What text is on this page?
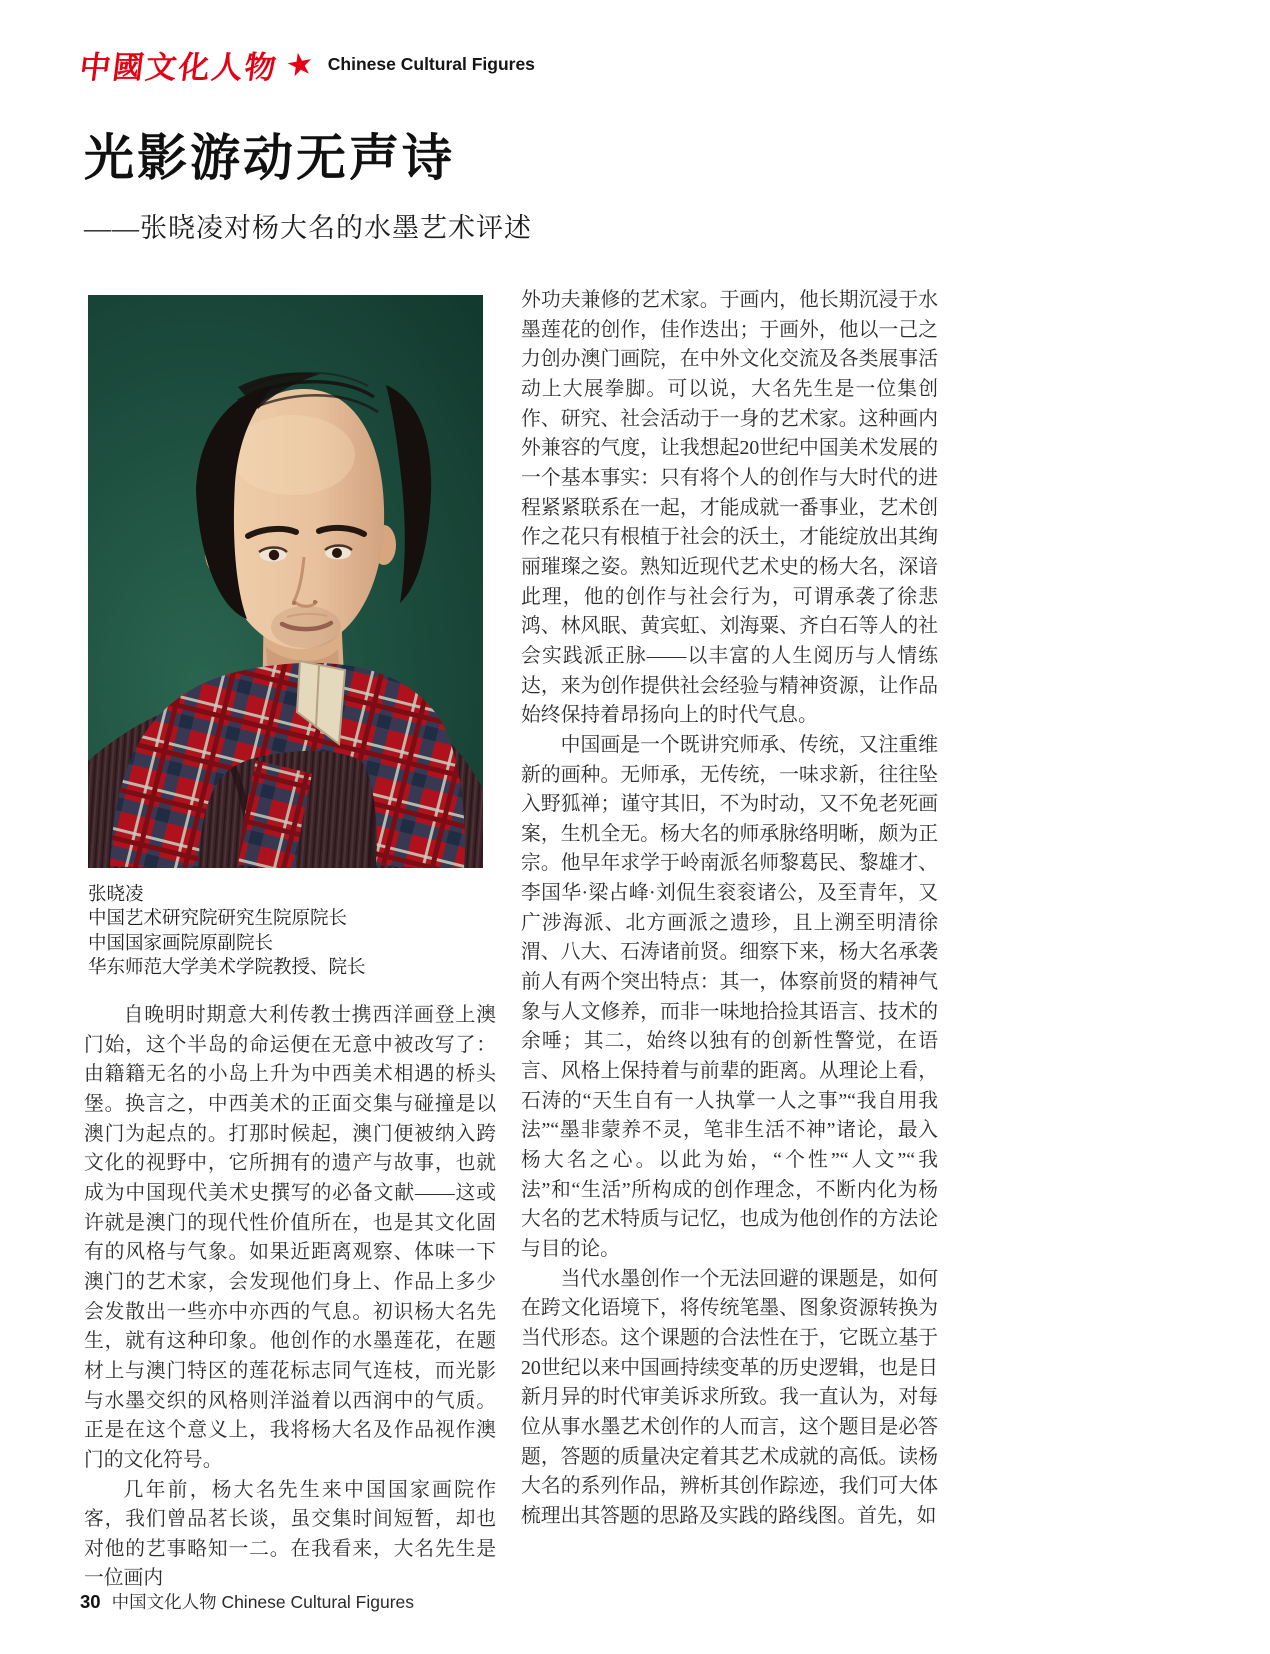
中國文化人物 ★ Chinese Cultural Figures
光影游动无声诗
——张晓凌对杨大名的水墨艺术评述
张晓凌
中国艺术研究院研究生院原院长
中国国家画院原副院长
华东师范大学美术学院教授、院长

自晚明时期意大利传教士携西洋画登上澳门始，这个半岛的命运便在无意中被改写了：由籍籍无名的小岛上升为中西美术相遇的桥头堡。换言之，中西美术的正面交集与碰撞是以澳门为起点的。打那时候起，澳门便被纳入跨文化的视野中，它所拥有的遗产与故事，也就成为中国现代美术史撰写的必备文献——这或许就是澳门的现代性价值所在，也是其文化固有的风格与气象。如果近距离观察、体味一下澳门的艺术家，会发现他们身上、作品上多少会发散出一些亦中亦西的气息。初识杨大名先生，就有这种印象。他创作的水墨莲花，在题材上与澳门特区的莲花标志同气连枝，而光影与水墨交织的风格则洋溢着以西润中的气质。正是在这个意义上，我将杨大名及作品视作澳门的文化符号。

几年前，杨大名先生来中国国家画院作客，我们曾品茗长谈，虽交集时间短暂，却也对他的艺事略知一二。在我看来，大名先生是一位画内

外功夫兼修的艺术家。于画内，他长期沉浸于水墨莲花的创作，佳作迭出；于画外，他以一己之力创办澳门画院，在中外文化交流及各类展事活动上大展拳脚。可以说，大名先生是一位集创作、研究、社会活动于一身的艺术家。这种画内外兼容的气度，让我想起20世纪中国美术发展的一个基本事实：只有将个人的创作与大时代的进程紧紧联系在一起，才能成就一番事业，艺术创作之花只有根植于社会的沃土，才能绽放出其绚丽璀璨之姿。熟知近现代艺术史的杨大名，深谙此理，他的创作与社会行为，可谓承袭了徐悲鸿、林风眠、黄宾虹、刘海粟、齐白石等人的社会实践派正脉——以丰富的人生阅历与人情练达，来为创作提供社会经验与精神资源，让作品始终保持着昂扬向上的时代气息。

中国画是一个既讲究师承、传统，又注重维新的画种。无师承，无传统，一味求新，往往坠入野狐禅；谨守其旧，不为时动，又不免老死画案，生机全无。杨大名的师承脉络明晰，颇为正宗。他早年求学于岭南派名师黎葛民、黎雄才、李国华·梁占峰·刘侃生衮衮诸公，及至青年，又广涉海派、北方画派之遗珍，且上溯至明清徐渭、八大、石涛诸前贤。细察下来，杨大名承袭前人有两个突出特点：其一，体察前贤的精神气象与人文修养，而非一味地拾捡其语言、技术的余唾；其二，始终以独有的创新性警觉，在语言、风格上保持着与前辈的距离。从理论上看，石涛的“天生自有一人执掌一人之事”“我自用我法”“墨非蒙养不灵，笔非生活不神”诸论，最入杨大名之心。以此为始，“个性”“人文”“我法”和“生活”所构成的创作理念，不断内化为杨大名的艺术特质与记忆，也成为他创作的方法论与目的论。

当代水墨创作一个无法回避的课题是，如何在跨文化语境下，将传统笔墨、图象资源转换为当代形态。这个课题的合法性在于，它既立基于20世纪以来中国画持续变革的历史逻辑，也是日新月异的时代审美诉求所致。我一直认为，对每位从事水墨艺术创作的人而言，这个题目是必答题，答题的质量决定着其艺术成就的高低。读杨大名的系列作品，辨析其创作踪迹，我们可大体梳理出其答题的思路及实践的路线图。首先，如

30 中国文化人物 Chinese Cultural Figures
